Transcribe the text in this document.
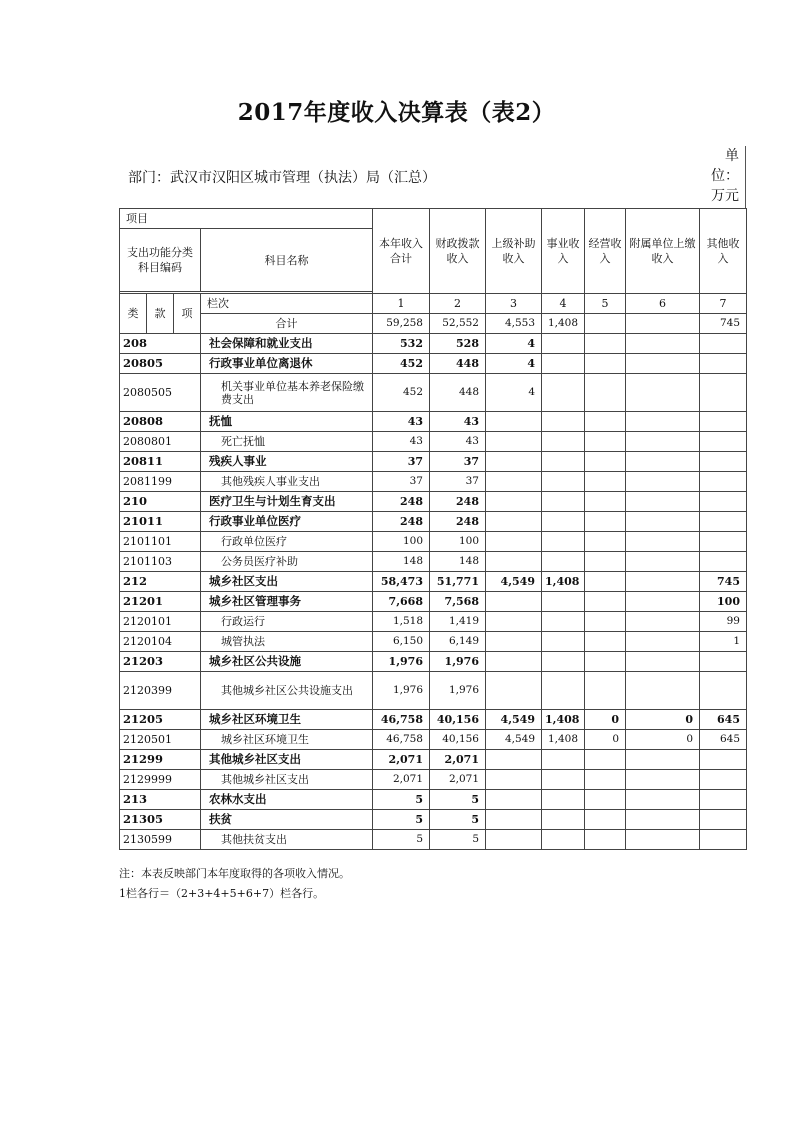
2017年度收入决算表（表2）
单
位：
万元
部门：武汉市汉阳区城市管理（执法）局（汇总）
项目				本年收入合计	财政拨款收入	上级补助收入	事业收入	经营收入	附属单位上缴收入	其他收入
支出功能分类科目编码			科目名称							

类	款	项	栏次	1	2	3	4	5	6	7
			合计	59,258	52,552	4,553	1,408			745
208			社会保障和就业支出	532	528	4				
20805			行政事业单位离退休	452	448	4				
2080505			机关事业单位基本养老保险缴费支出	452	448	4				
20808			抚恤	43	43					
2080801			死亡抚恤	43	43					
20811			残疾人事业	37	37					
2081199			其他残疾人事业支出	37	37					
210			医疗卫生与计划生育支出	248	248					
21011			行政事业单位医疗	248	248					
2101101			行政单位医疗	100	100					
2101103			公务员医疗补助	148	148					
212			城乡社区支出	58,473	51,771	4,549	1,408			745
21201			城乡社区管理事务	7,668	7,568					100
2120101			行政运行	1,518	1,419					99
2120104			城管执法	6,150	6,149					1
21203			城乡社区公共设施	1,976	1,976					
2120399			其他城乡社区公共设施支出	1,976	1,976					
21205			城乡社区环境卫生	46,758	40,156	4,549	1,408	0	0	645
2120501			城乡社区环境卫生	46,758	40,156	4,549	1,408	0	0	645
21299			其他城乡社区支出	2,071	2,071					
2129999			其他城乡社区支出	2,071	2,071					
213			农林水支出	5	5					
21305			扶贫	5	5					
2130599			其他扶贫支出	5	5					
注：本表反映部门本年度取得的各项收入情况。
1栏各行＝（2+3+4+5+6+7）栏各行。
